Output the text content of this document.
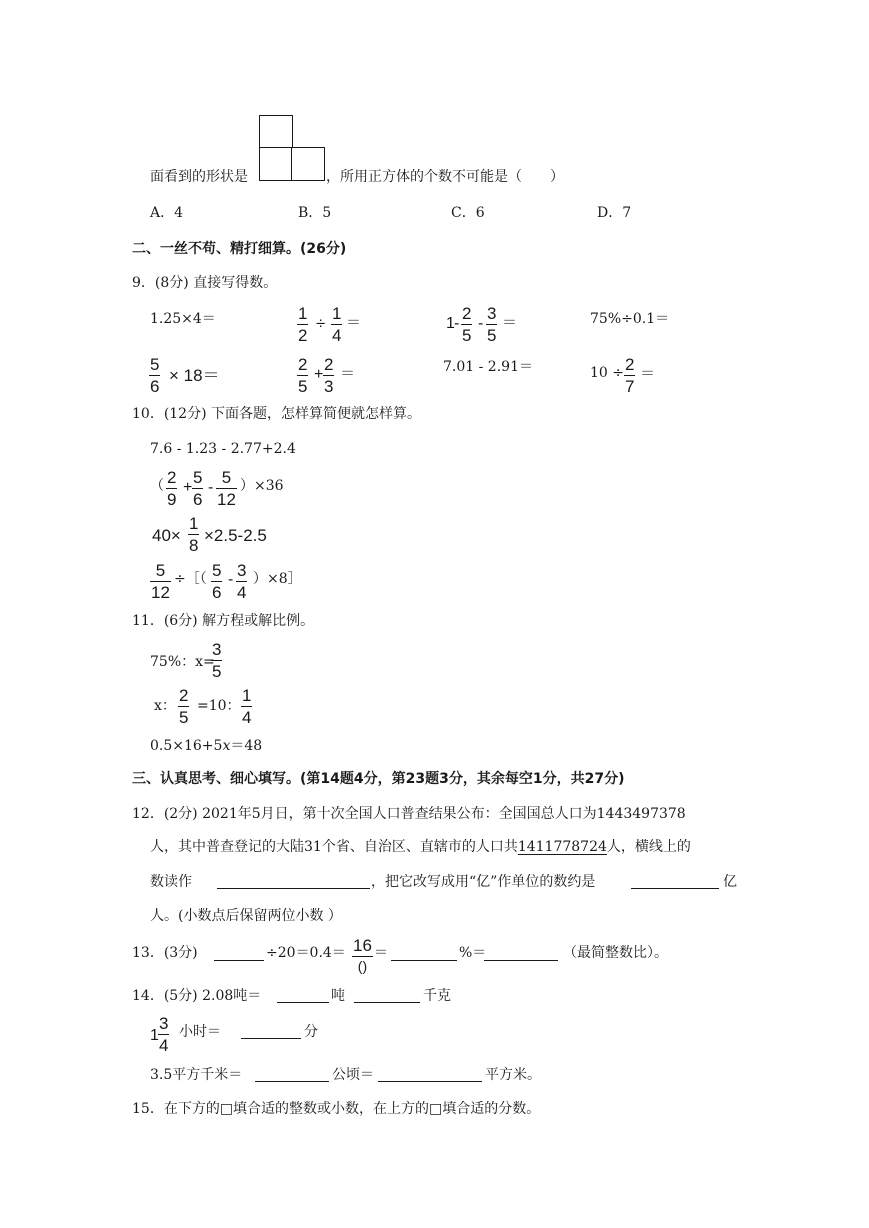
面看到的形状是	，所用正方体的个数不可能是（　　）
A．4	B．5	C．6	D．7
二、一丝不苟、精打细算。(26分)
9．(8分) 直接写得数。
1.25×4＝	1
2
÷
1
4
＝	1 -
2
5
-
3
5
＝	75%÷0.1＝
5
6
× 18＝
2
5
+
2
3
＝	7.01 - 2.91＝	10 ÷ 2
7
＝
10．(12分) 下面各题，怎样算简便就怎样算。
7.6 - 1.23 - 2.77+2.4
（ 2
9
+
5
6
-
5
12
）×36
40×
1
8
×2.5-2.5
5
12
÷［（ 5
6
- 3
4
）×8］
11．(6分) 解方程或解比例。
75%：x=
3
5
x：
2
5
=10：
1
4
0.5×16+5x＝48
三、认真思考、细心填写。(第14题4分，第23题3分，其余每空1分，共27分)
12．(2分) 2021年5月日，第十次全国人口普查结果公布：全国国总人口为1443497378
人，其中普查登记的大陆31个省、自治区、直辖市的人口共1411778724人，横线上的
数读作	，把它改写成用“亿”作单位的数约是	亿
人。(小数点后保留两位小数 ）
13．(3分)	÷20＝0.4＝ 16
()
＝	%＝	（最简整数比）。
14．(5分) 2.08吨＝	吨	千克
1
3
4
小时＝	分
3.5平方千米＝	公顷＝	平方米。
15．在下方的□填合适的整数或小数，在上方的□填合适的分数。
